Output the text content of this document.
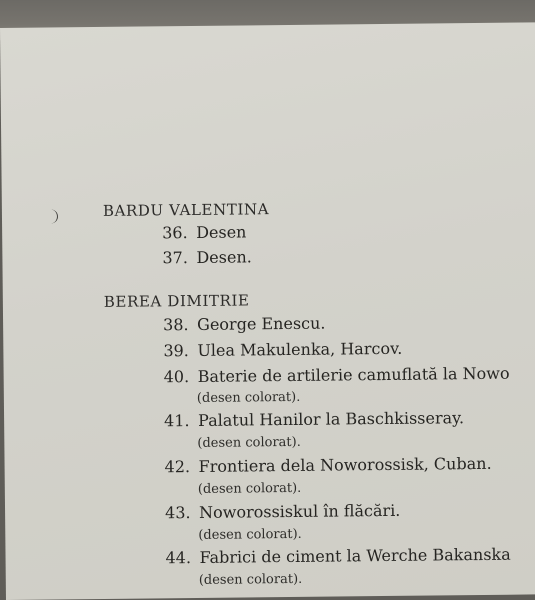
BARDU VALENTINA
36. Desen
37. Desen.
BEREA DIMITRIE
38. George Enescu.
39. Ulea Makulenka, Harcov.
40. Baterie de artilerie camuflată la Nowo
(desen colorat).
41. Palatul Hanilor la Baschkisseray.
(desen colorat).
42. Frontiera dela Noworossisk, Cuban.
(desen colorat).
43. Noworossiskul în flăcări.
(desen colorat).
44. Fabrici de ciment la Werche Bakanska
(desen colorat).
